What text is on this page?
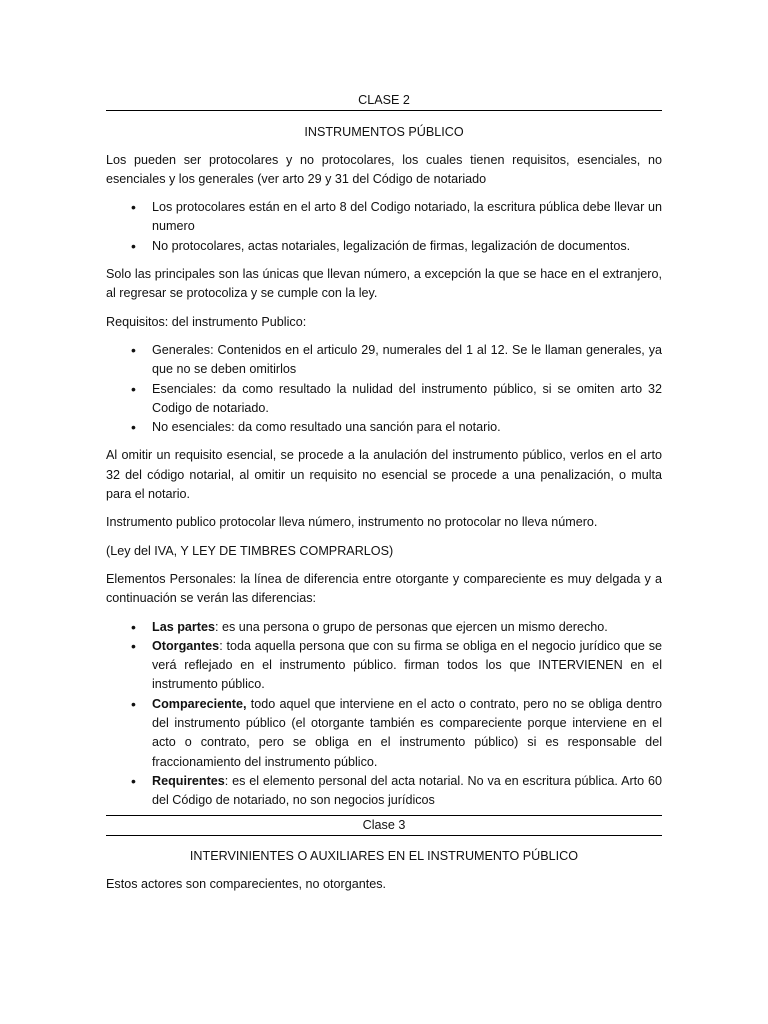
CLASE 2
INSTRUMENTOS PÚBLICO

Los pueden ser protocolares y no protocolares, los cuales tienen requisitos, esenciales, no esenciales y los generales (ver arto 29 y 31 del Código de notariado

• Los protocolares están en el arto 8 del Codigo notariado, la escritura pública debe llevar un numero
• No protocolares, actas notariales, legalización de firmas, legalización de documentos.

Solo las principales son las únicas que llevan número, a excepción la que se hace en el extranjero, al regresar se protocoliza y se cumple con la ley.

Requisitos: del instrumento Publico:

• Generales: Contenidos en el articulo 29, numerales del 1 al 12. Se le llaman generales, ya que no se deben omitirlos
• Esenciales: da como resultado la nulidad del instrumento público, si se omiten arto 32 Codigo de notariado.
• No esenciales: da como resultado una sanción para el notario.

Al omitir un requisito esencial, se procede a la anulación del instrumento público, verlos en el arto 32 del código notarial, al omitir un requisito no esencial se procede a una penalización, o multa para el notario.

Instrumento publico protocolar lleva número, instrumento no protocolar no lleva número.

(Ley del IVA, Y LEY DE TIMBRES COMPRARLOS)

Elementos Personales: la línea de diferencia entre otorgante y compareciente es muy delgada y a continuación se verán las diferencias:

• Las partes: es una persona o grupo de personas que ejercen un mismo derecho.
• Otorgantes: toda aquella persona que con su firma se obliga en el negocio jurídico que se verá reflejado en el instrumento público. firman todos los que INTERVIENEN en el instrumento público.
• Compareciente, todo aquel que interviene en el acto o contrato, pero no se obliga dentro del instrumento público (el otorgante también es compareciente porque interviene en el acto o contrato, pero se obliga en el instrumento público) si es responsable del fraccionamiento del instrumento público.
• Requirentes: es el elemento personal del acta notarial. No va en escritura pública. Arto 60 del Código de notariado, no son negocios jurídicos
Clase 3
INTERVINIENTES O AUXILIARES EN EL INSTRUMENTO PÚBLICO

Estos actores son comparecientes, no otorgantes.
